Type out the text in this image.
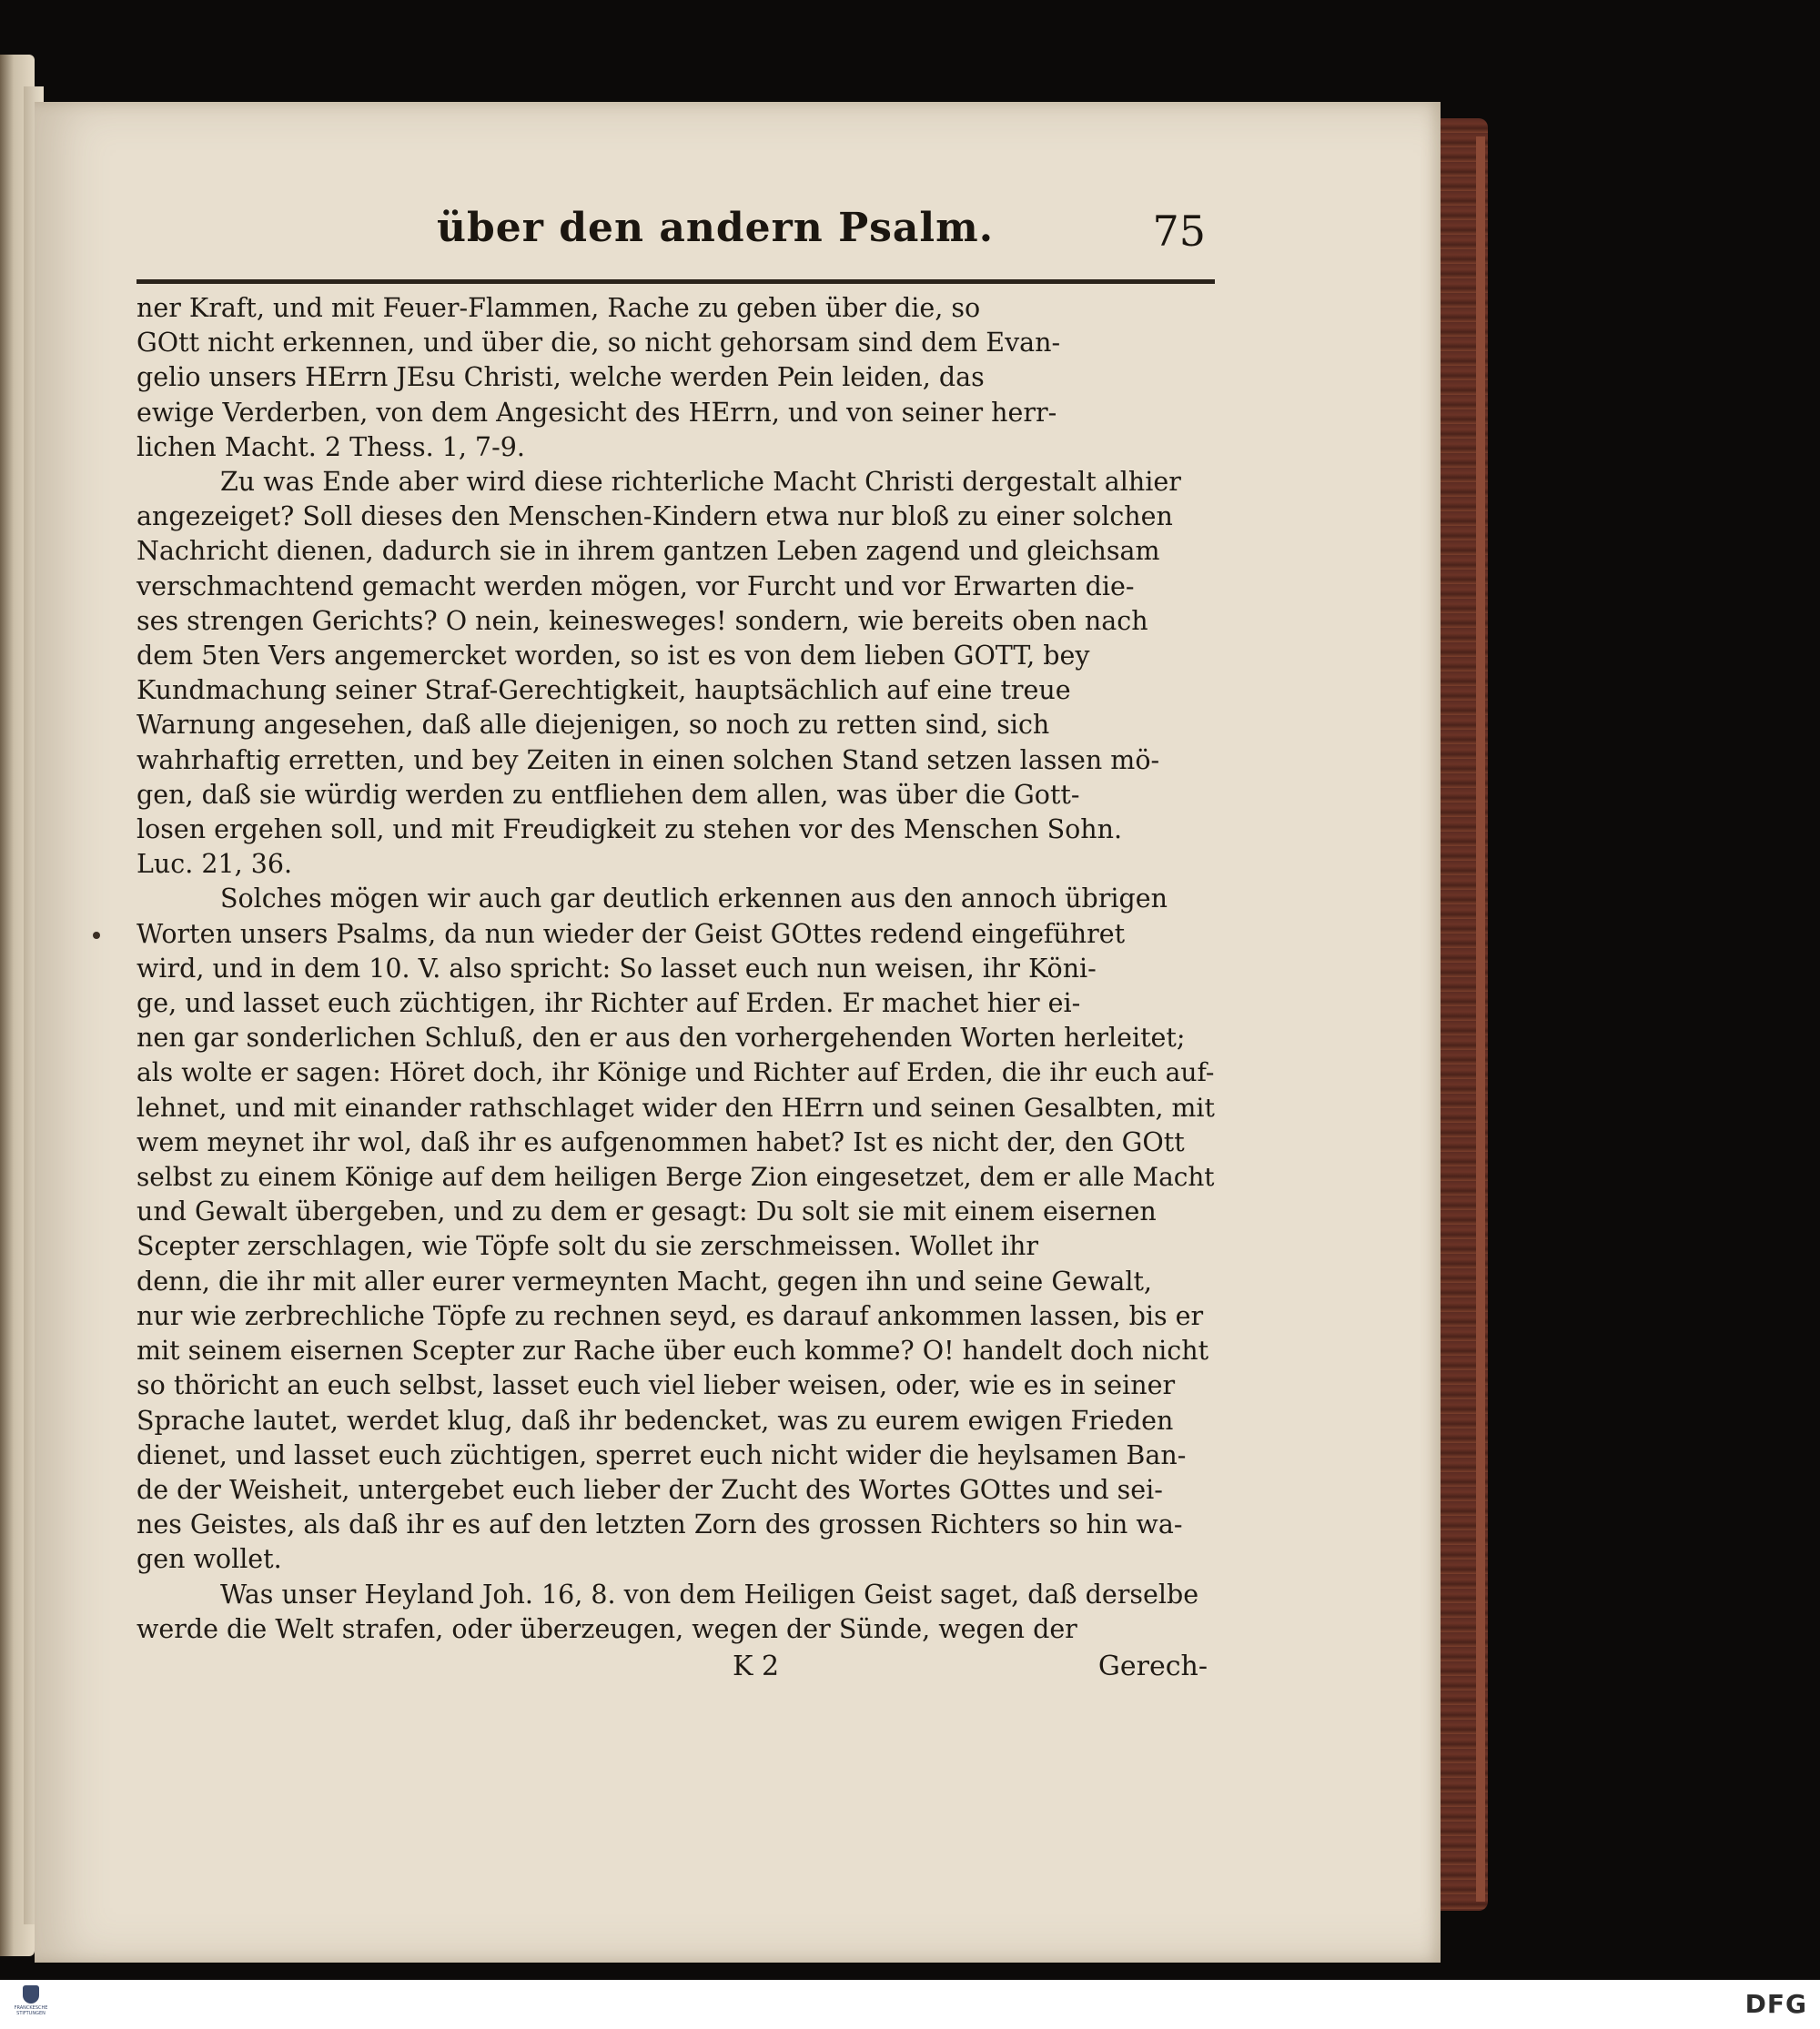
über den andern Psalm.	75
ner Kraft, und mit Feuer-Flammen, Rache zu geben über die, so
GOtt nicht erkennen, und über die, so nicht gehorsam sind dem Evan-
gelio unsers HErrn JEsu Christi, welche werden Pein leiden, das
ewige Verderben, von dem Angesicht des HErrn, und von seiner herr-
lichen Macht. 2 Thess. 1, 7-9.
Zu was Ende aber wird diese richterliche Macht Christi dergestalt alhier
angezeiget? Soll dieses den Menschen-Kindern etwa nur bloß zu einer solchen
Nachricht dienen, dadurch sie in ihrem gantzen Leben zagend und gleichsam
verschmachtend gemacht werden mögen, vor Furcht und vor Erwarten die-
ses strengen Gerichts? O nein, keinesweges! sondern, wie bereits oben nach
dem 5ten Vers angemercket worden, so ist es von dem lieben GOTT, bey
Kundmachung seiner Straf-Gerechtigkeit, hauptsächlich auf eine treue
Warnung angesehen, daß alle diejenigen, so noch zu retten sind, sich
wahrhaftig erretten, und bey Zeiten in einen solchen Stand setzen lassen mö-
gen, daß sie würdig werden zu entfliehen dem allen, was über die Gott-
losen ergehen soll, und mit Freudigkeit zu stehen vor des Menschen Sohn.
Luc. 21, 36.
Solches mögen wir auch gar deutlich erkennen aus den annoch übrigen
Worten unsers Psalms, da nun wieder der Geist GOttes redend eingeführet
wird, und in dem 10. V. also spricht: So lasset euch nun weisen, ihr Köni-
ge, und lasset euch züchtigen, ihr Richter auf Erden. Er machet hier ei-
nen gar sonderlichen Schluß, den er aus den vorhergehenden Worten herleitet;
als wolte er sagen: Höret doch, ihr Könige und Richter auf Erden, die ihr euch auf-
lehnet, und mit einander rathschlaget wider den HErrn und seinen Gesalbten, mit
wem meynet ihr wol, daß ihr es aufgenommen habet? Ist es nicht der, den GOtt
selbst zu einem Könige auf dem heiligen Berge Zion eingesetzet, dem er alle Macht
und Gewalt übergeben, und zu dem er gesagt: Du solt sie mit einem eisernen
Scepter zerschlagen, wie Töpfe solt du sie zerschmeissen. Wollet ihr
denn, die ihr mit aller eurer vermeynten Macht, gegen ihn und seine Gewalt,
nur wie zerbrechliche Töpfe zu rechnen seyd, es darauf ankommen lassen, bis er
mit seinem eisernen Scepter zur Rache über euch komme? O! handelt doch nicht
so thöricht an euch selbst, lasset euch viel lieber weisen, oder, wie es in seiner
Sprache lautet, werdet klug, daß ihr bedencket, was zu eurem ewigen Frieden
dienet, und lasset euch züchtigen, sperret euch nicht wider die heylsamen Ban-
de der Weisheit, untergebet euch lieber der Zucht des Wortes GOttes und sei-
nes Geistes, als daß ihr es auf den letzten Zorn des grossen Richters so hin wa-
gen wollet.
Was unser Heyland Joh. 16, 8. von dem Heiligen Geist saget, daß derselbe
werde die Welt strafen, oder überzeugen, wegen der Sünde, wegen der
K 2	Gerech-
FRANCKESCHE STIFTUNGEN	DFG
